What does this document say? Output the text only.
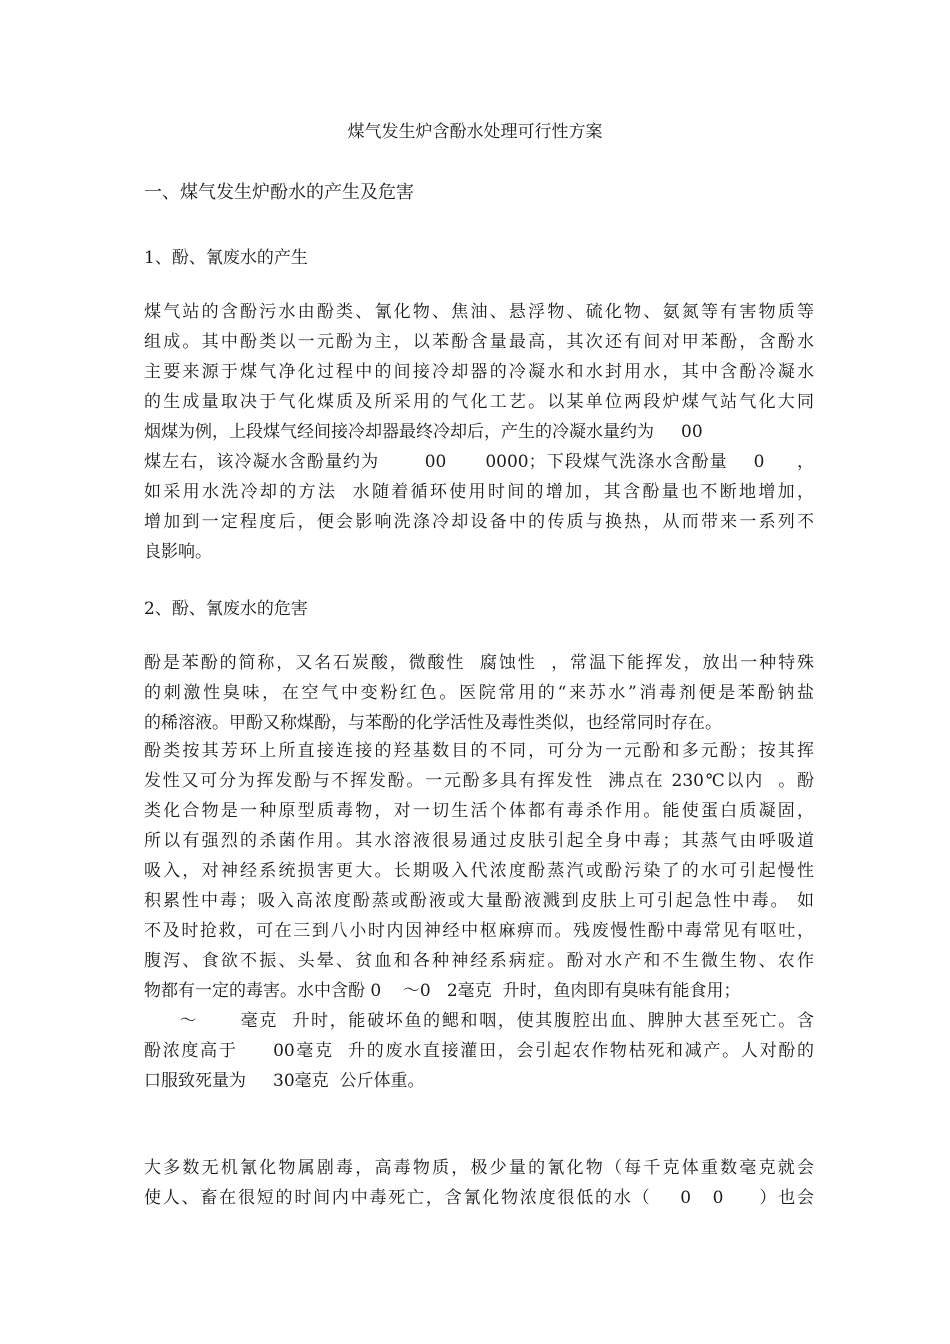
煤气发生炉含酚水处理可行性方案
一、煤气发生炉酚水的产生及危害
1、酚、氰废水的产生
煤气站的含酚污水由酚类、氰化物、焦油、悬浮物、硫化物、氨氮等有害物质等
组成。其中酚类以一元酚为主，以苯酚含量最高，其次还有间对甲苯酚，含酚水
主要来源于煤气净化过程中的间接冷却器的冷凝水和水封用水，其中含酚冷凝水
的生成量取决于气化煤质及所采用的气化工艺。以某单位两段炉煤气站气化大同
烟煤为例，上段煤气经间接冷却器最终冷却后，产生的冷凝水量约为     00
煤左右，该冷凝水含酚量约为       00      0000；下段煤气洗涤水含酚量    0     ，
如采用水洗冷却的方法  水随着循环使用时间的增加，其含酚量也不断地增加，
增加到一定程度后，便会影响洗涤冷却设备中的传质与换热，从而带来一系列不
良影响。
2、酚、氰废水的危害
酚是苯酚的简称，又名石炭酸，微酸性  腐蚀性  ，常温下能挥发，放出一种特殊
的刺激性臭味，在空气中变粉红色。医院常用的“来苏水”消毒剂便是苯酚钠盐
的稀溶液。甲酚又称煤酚，与苯酚的化学活性及毒性类似，也经常同时存在。
酚类按其芳环上所直接连接的羟基数目的不同，可分为一元酚和多元酚；按其挥
发性又可分为挥发酚与不挥发酚。一元酚多具有挥发性  沸点在 230℃以内  。酚
类化合物是一种原型质毒物，对一切生活个体都有毒杀作用。能使蛋白质凝固，
所以有强烈的杀菌作用。其水溶液很易通过皮肤引起全身中毒；其蒸气由呼吸道
吸入，对神经系统损害更大。长期吸入代浓度酚蒸汽或酚污染了的水可引起慢性
积累性中毒；吸入高浓度酚蒸或酚液或大量酚液溅到皮肤上可引起急性中毒。 如
不及时抢救，可在三到八小时内因神经中枢麻痹而。残废慢性酚中毒常见有呕吐，
腹泻、食欲不振、头晕、贫血和各种神经系病症。酚对水产和不生微生物、农作
物都有一定的毒害。水中含酚 0    ～0   2毫克  升时，鱼肉即有臭味有能食用；
～      毫克  升时，能破坏鱼的鳃和咽，使其腹腔出血、脾肿大甚至死亡。含
酚浓度高于     00毫克  升的废水直接灌田，会引起农作物枯死和减产。人对酚的
口服致死量为     30毫克  公斤体重。
大多数无机氰化物属剧毒，高毒物质，极少量的氰化物（每千克体重数毫克就会
使人、畜在很短的时间内中毒死亡，含氰化物浓度很低的水（    0   0     ）也会
